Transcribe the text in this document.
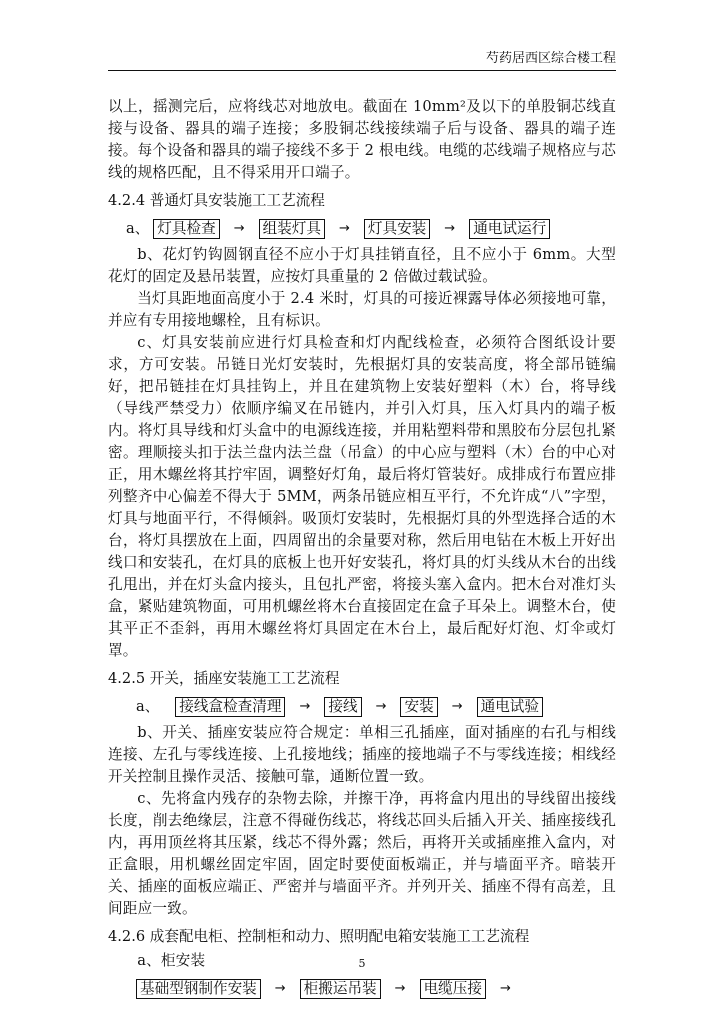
芍药居西区综合楼工程

以上，摇测完后，应将线芯对地放电。截面在 10mm²及以下的单股铜芯线直接与设备、器具的端子连接；多股铜芯线接续端子后与设备、器具的端子连接。每个设备和器具的端子接线不多于 2 根电线。电缆的芯线端子规格应与芯线的规格匹配，且不得采用开口端子。

4.2.4 普通灯具安装施工工艺流程
a、 灯具检查	→ 组装灯具	→ 灯具安装	→ 通电试运行

b、花灯钓钩圆钢直径不应小于灯具挂销直径，且不应小于 6mm。大型花灯的固定及悬吊装置，应按灯具重量的 2 倍做过载试验。

当灯具距地面高度小于 2.4 米时，灯具的可接近裸露导体必须接地可靠，并应有专用接地螺栓，且有标识。

c、灯具安装前应进行灯具检查和灯内配线检查，必须符合图纸设计要求，方可安装。吊链日光灯安装时，先根据灯具的安装高度，将全部吊链编好，把吊链挂在灯具挂钩上，并且在建筑物上安装好塑料（木）台，将导线（导线严禁受力）依顺序编叉在吊链内，并引入灯具，压入灯具内的端子板内。将灯具导线和灯头盒中的电源线连接，并用粘塑料带和黑胶布分层包扎紧密。理顺接头扣于法兰盘内法兰盘（吊盒）的中心应与塑料（木）台的中心对正，用木螺丝将其拧牢固，调整好灯角，最后将灯管装好。成排成行布置应排列整齐中心偏差不得大于 5MM，两条吊链应相互平行，不允许成“八”字型，灯具与地面平行，不得倾斜。吸顶灯安装时，先根据灯具的外型选择合适的木台，将灯具摆放在上面，四周留出的余量要对称，然后用电钻在木板上开好出线口和安装孔，在灯具的底板上也开好安装孔，将灯具的灯头线从木台的出线孔甩出，并在灯头盒内接头，且包扎严密，将接头塞入盒内。把木台对准灯头盒，紧贴建筑物面，可用机螺丝将木台直接固定在盒子耳朵上。调整木台，使其平正不歪斜，再用木螺丝将灯具固定在木台上，最后配好灯泡、灯伞或灯罩。

4.2.5 开关，插座安装施工工艺流程
a、 接线盒检查清理	→ 接线	→ 安装	→ 通电试验

b、开关、插座安装应符合规定：单相三孔插座，面对插座的右孔与相线连接、左孔与零线连接、上孔接地线；插座的接地端子不与零线连接；相线经开关控制且操作灵活、接触可靠，通断位置一致。

c、先将盒内残存的杂物去除，并擦干净，再将盒内甩出的导线留出接线长度，削去绝缘层，注意不得碰伤线芯，将线芯回头后插入开关、插座接线孔内，再用顶丝将其压紧，线芯不得外露；然后，再将开关或插座推入盒内，对正盒眼，用机螺丝固定牢固，固定时要使面板端正，并与墙面平齐。暗装开关、插座的面板应端正、严密并与墙面平齐。并列开关、插座不得有高差，且间距应一致。

4.2.6 成套配电柜、控制柜和动力、照明配电箱安装施工工艺流程

a、柜安装

基础型钢制作安装	→ 柜搬运吊装	→ 电缆压接	→
5
